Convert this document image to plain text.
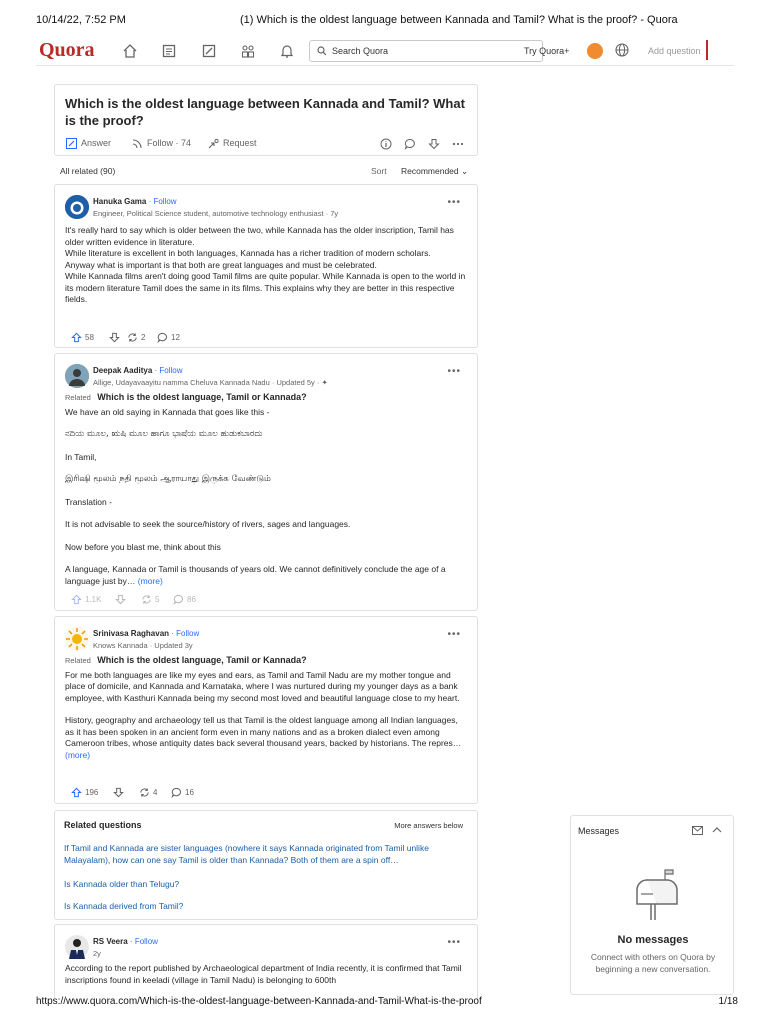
10/14/22, 7:52 PM	(1) Which is the oldest language between Kannada and Tamil? What is the proof? - Quora
Quora
Search Quora	Try Quora+	Add question
Which is the oldest language between Kannada and Tamil? What is the proof?
Answer	Follow · 74	Request
All related (90)	Sort Recommended ⌄
Hanuka Gama · Follow
Engineer, Political Science student, automotive technology enthusiast · 7y
•••

It's really hard to say which is older between the two, while Kannada has the older inscription, Tamil has older written evidence in literature.

While literature is excellent in both languages, Kannada has a richer tradition of modern scholars.

Anyway what is important is that both are great languages and must be celebrated.

While Kannada films aren't doing good Tamil films are quite popular. While Kannada is open to the world in its modern literature Tamil does the same in its films. This explains why they are better in this respective fields.

58	2	12
Deepak Aaditya · Follow
Allige, Udayavaayitu namma Cheluva Kannada Nadu · Updated 5y · ✦
•••
Related Which is the oldest language, Tamil or Kannada?

We have an old saying in Kannada that goes like this -

ನದಿಯ ಮೂಲ, ಋಷಿ ಮೂಲ ಹಾಗೂ ಭಾಷೆಯ ಮೂಲ ಹುಡುಕಬಾರದು

In Tamil,

இரிஷி மூலம் நதி மூலம் ஆராயாது இருக்க வேண்டும்

Translation -

It is not advisable to seek the source/history of rivers, sages and languages.

Now before you blast me, think about this

A language, Kannada or Tamil is thousands of years old. We cannot definitively conclude the age of a language just by… (more)

1.1K	5	86
Srinivasa Raghavan · Follow
Knows Kannada · Updated 3y
•••
Related Which is the oldest language, Tamil or Kannada?

For me both languages are like my eyes and ears, as Tamil and Tamil Nadu are my mother tongue and place of domicile, and Kannada and Karnataka, where I was nurtured during my younger days as a bank employee, with Kasthuri Kannada being my second most loved and beautiful language close to my heart.

History, geography and archaeology tell us that Tamil is the oldest language among all Indian languages, as it has been spoken in an ancient form even in many nations and as a broken dialect even among Cameroon tribes, whose antiquity dates back several thousand years, backed by historians. The repres… (more)

196	4	16
Related questions	More answers below
If Tamil and Kannada are sister languages (nowhere it says Kannada originated from Tamil unlike Malayalam), how can one say Tamil is older than Kannada? Both of them are a spin off…
Is Kannada older than Telugu?
Is Kannada derived from Tamil?
RS Veera · Follow
2y
•••

According to the report published by Archaeological department of India recently, it is confirmed that Tamil inscriptions found in keeladi (village in Tamil Nadu) is belonging to 600th

Messages
No messages
Connect with others on Quora by beginning a new conversation.
https://www.quora.com/Which-is-the-oldest-language-between-Kannada-and-Tamil-What-is-the-proof	1/18
